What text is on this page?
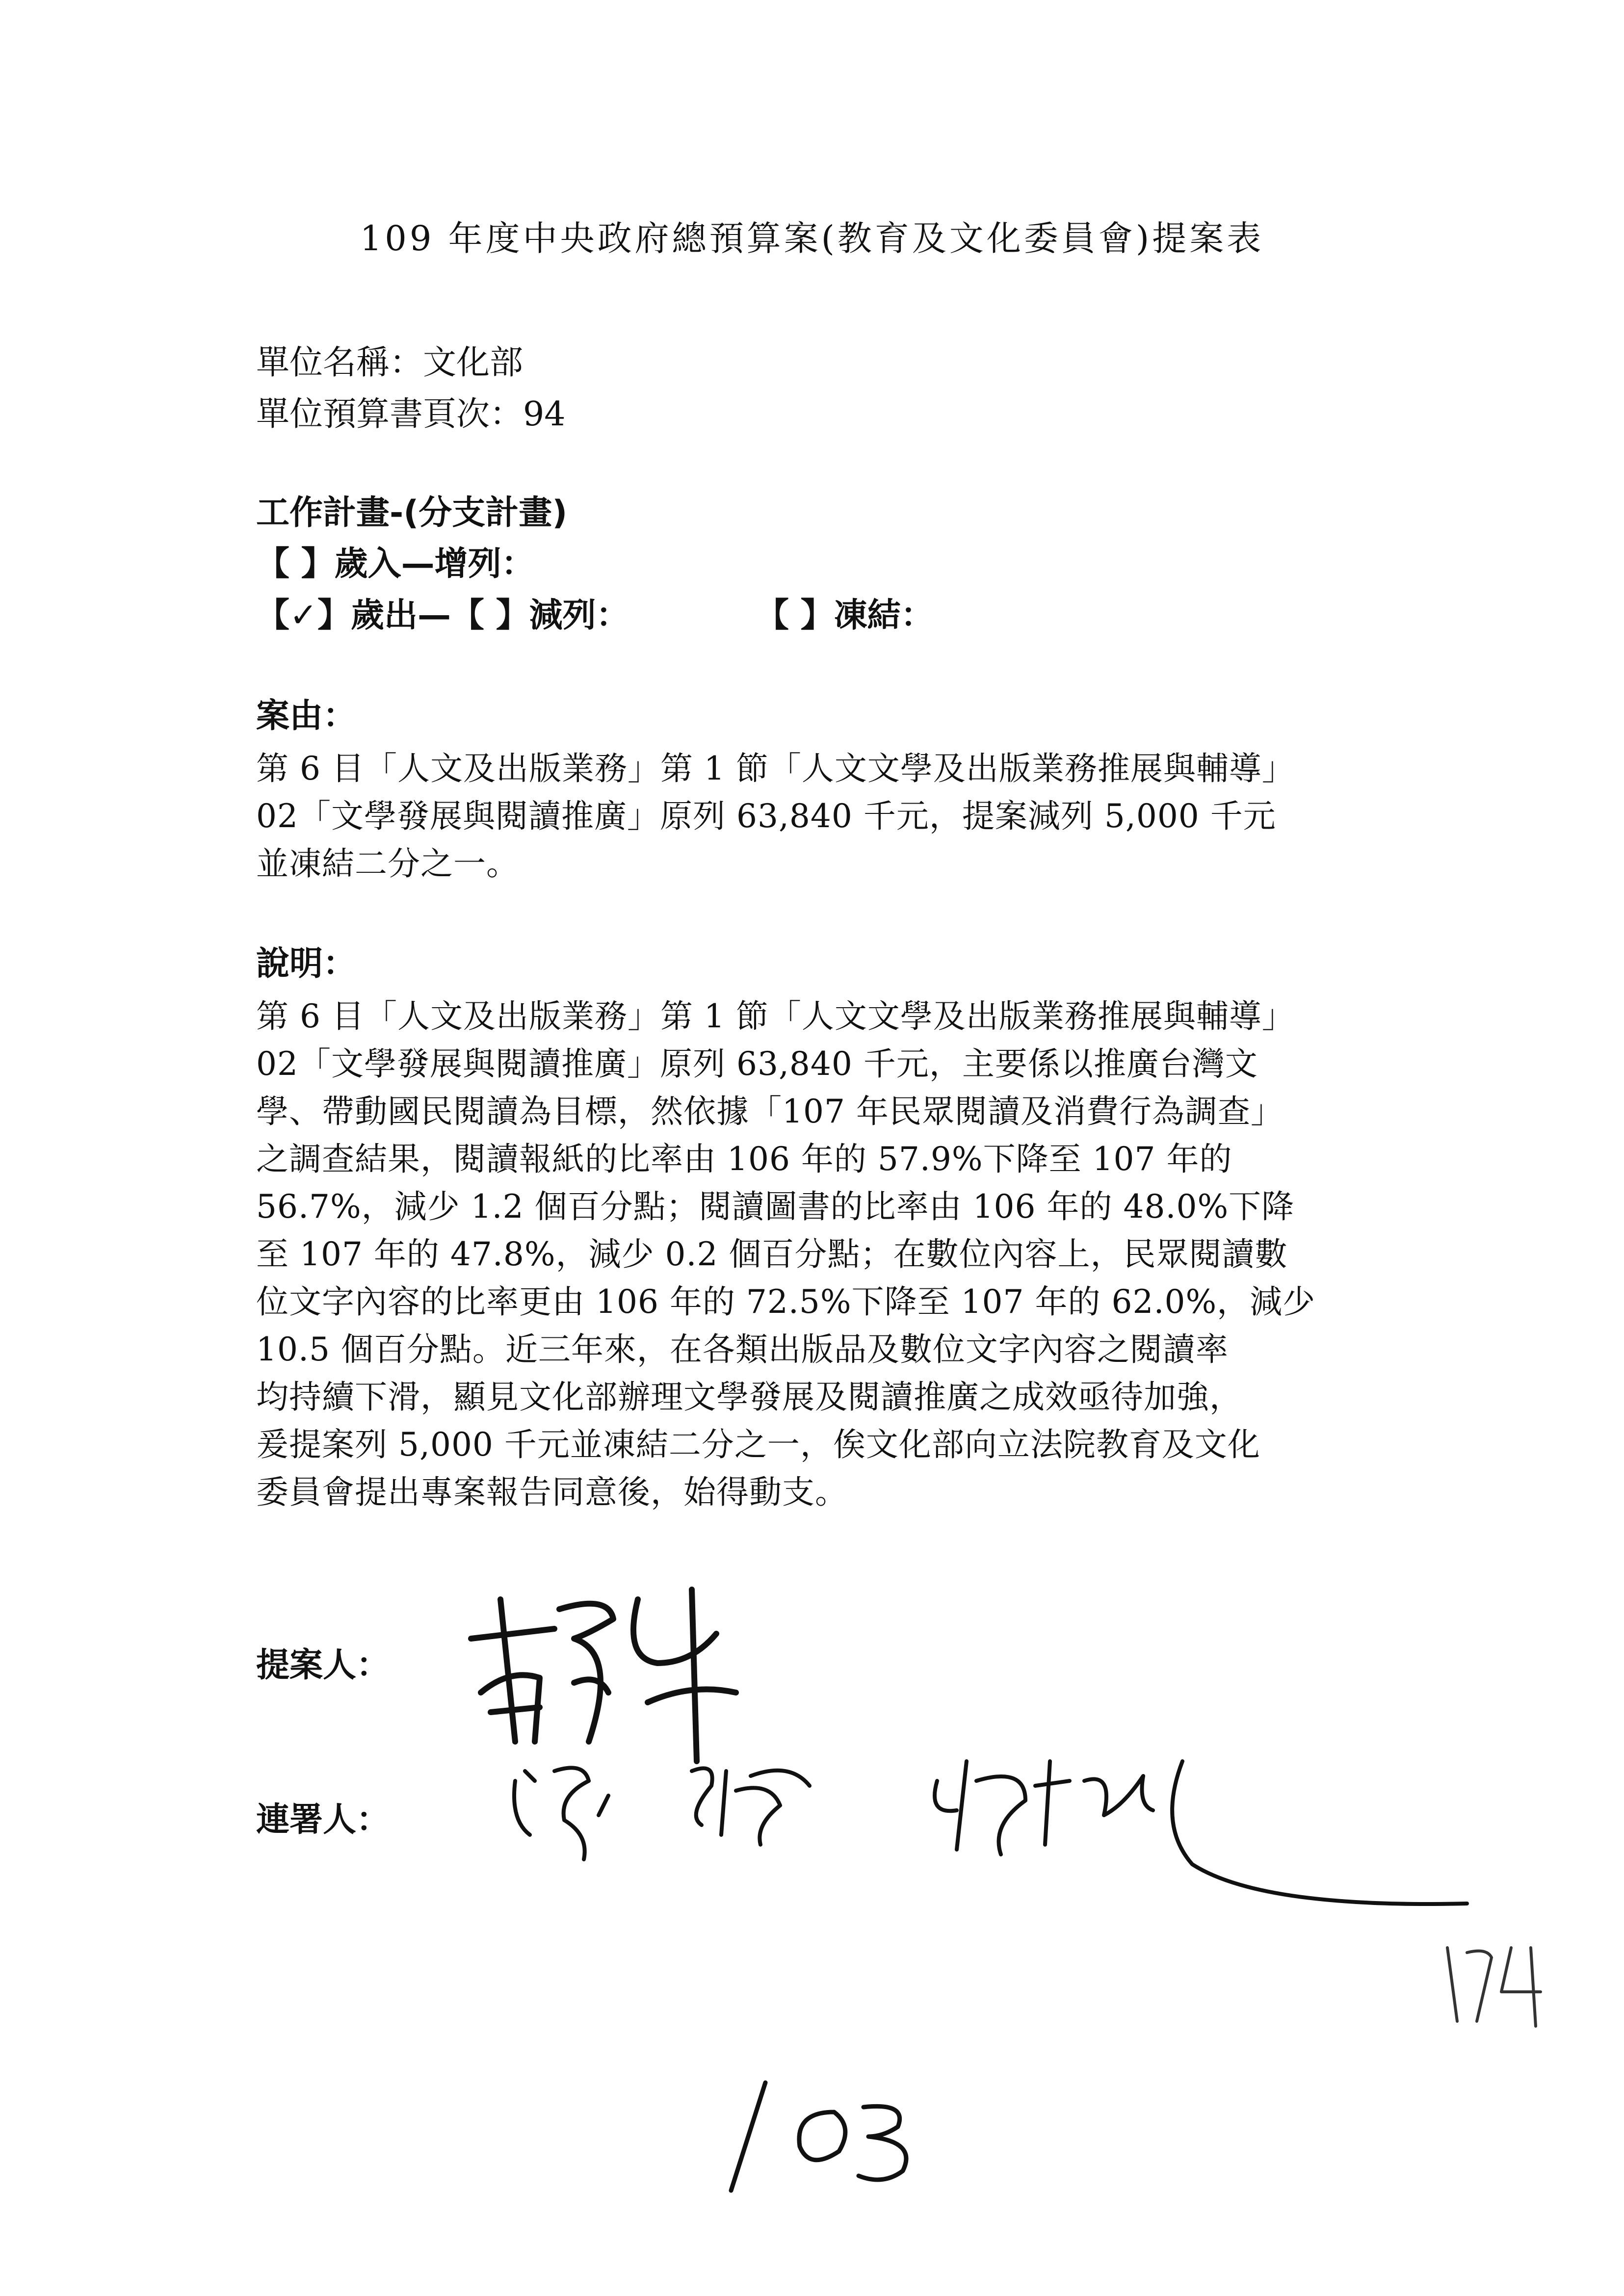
109 年度中央政府總預算案(教育及文化委員會)提案表
單位名稱：文化部
單位預算書頁次：94
工作計畫-(分支計畫)
【 】歲入—增列：
【✓】歲出—【 】減列：	【 】凍結：
案由：
第 6 目「人文及出版業務」第 1 節「人文文學及出版業務推展與輔導」
02「文學發展與閱讀推廣」原列 63,840 千元，提案減列 5,000 千元
並凍結二分之一。
說明：
第 6 目「人文及出版業務」第 1 節「人文文學及出版業務推展與輔導」
02「文學發展與閱讀推廣」原列 63,840 千元，主要係以推廣台灣文
學、帶動國民閱讀為目標，然依據「107 年民眾閱讀及消費行為調查」
之調查結果，閱讀報紙的比率由 106 年的 57.9%下降至 107 年的
56.7%，減少 1.2 個百分點；閱讀圖書的比率由 106 年的 48.0%下降
至 107 年的 47.8%，減少 0.2 個百分點；在數位內容上，民眾閱讀數
位文字內容的比率更由 106 年的 72.5%下降至 107 年的 62.0%，減少
10.5 個百分點。近三年來，在各類出版品及數位文字內容之閱讀率
均持續下滑，顯見文化部辦理文學發展及閱讀推廣之成效亟待加強，
爰提案列 5,000 千元並凍結二分之一，俟文化部向立法院教育及文化
委員會提出專案報告同意後，始得動支。
提案人：
連署人：
